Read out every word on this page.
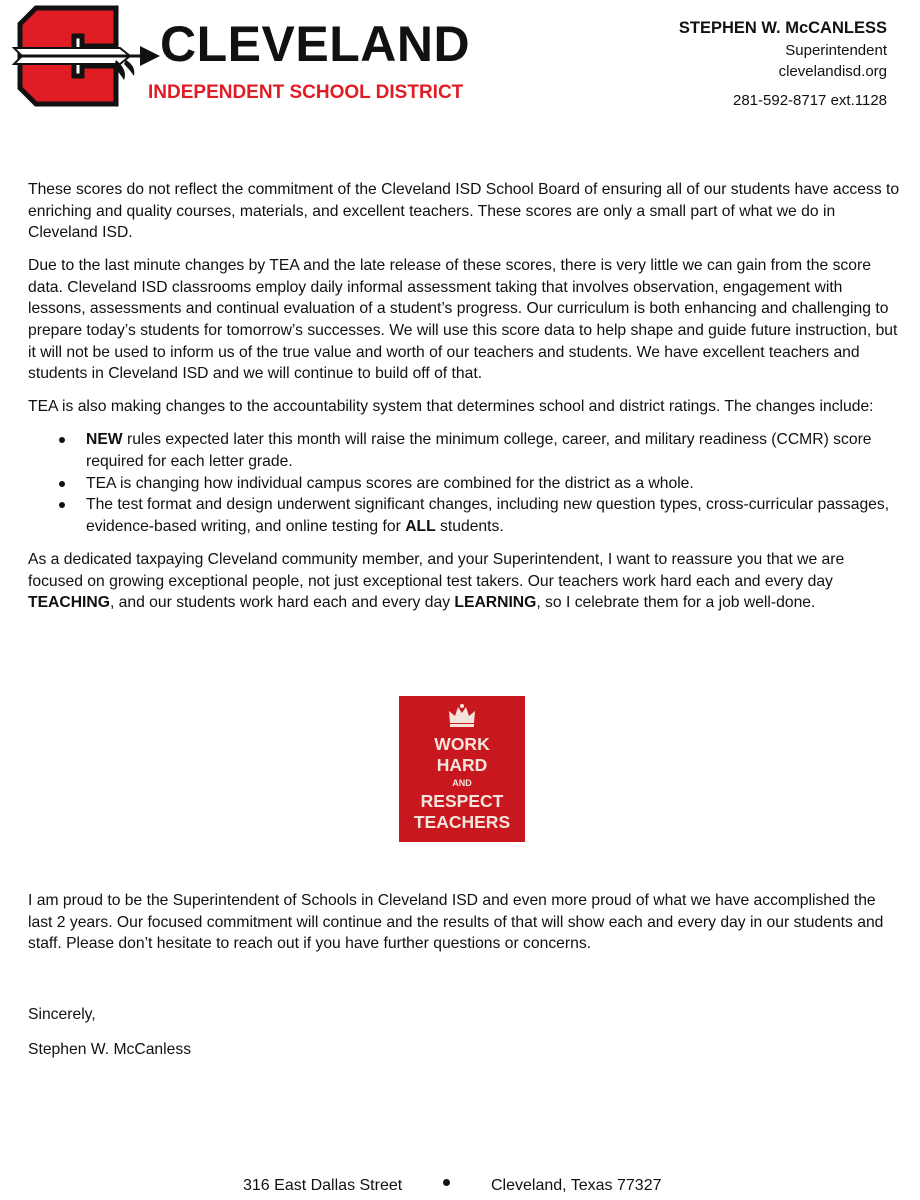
CLEVELAND
INDEPENDENT SCHOOL DISTRICT
STEPHEN W. McCANLESS
Superintendent
clevelandisd.org
281-592-8717 ext.1128

These scores do not reflect the commitment of the Cleveland ISD School Board of ensuring all of our students have access to enriching and quality courses, materials, and excellent teachers. These scores are only a small part of what we do in Cleveland ISD.

Due to the last minute changes by TEA and the late release of these scores, there is very little we can gain from the score data. Cleveland ISD classrooms employ daily informal assessment taking that involves observation, engagement with lessons, assessments and continual evaluation of a student’s progress. Our curriculum is both enhancing and challenging to prepare today’s students for tomorrow’s successes. We will use this score data to help shape and guide future instruction, but it will not be used to inform us of the true value and worth of our teachers and students. We have excellent teachers and students in Cleveland ISD and we will continue to build off of that.

TEA is also making changes to the accountability system that determines school and district ratings. The changes include:

NEW rules expected later this month will raise the minimum college, career, and military readiness (CCMR) score required for each letter grade.
TEA is changing how individual campus scores are combined for the district as a whole.
The test format and design underwent significant changes, including new question types, cross-curricular passages, evidence-based writing, and online testing for ALL students.

As a dedicated taxpaying Cleveland community member, and your Superintendent, I want to reassure you that we are focused on growing exceptional people, not just exceptional test takers. Our teachers work hard each and every day TEACHING, and our students work hard each and every day LEARNING, so I celebrate them for a job well-done.

WORK
HARD
AND
RESPECT
TEACHERS

I am proud to be the Superintendent of Schools in Cleveland ISD and even more proud of what we have accomplished the last 2 years. Our focused commitment will continue and the results of that will show each and every day in our students and staff. Please don’t hesitate to reach out if you have further questions or concerns.

Sincerely,
Stephen W. McCanless
316 East Dallas Street	Cleveland, Texas 77327
